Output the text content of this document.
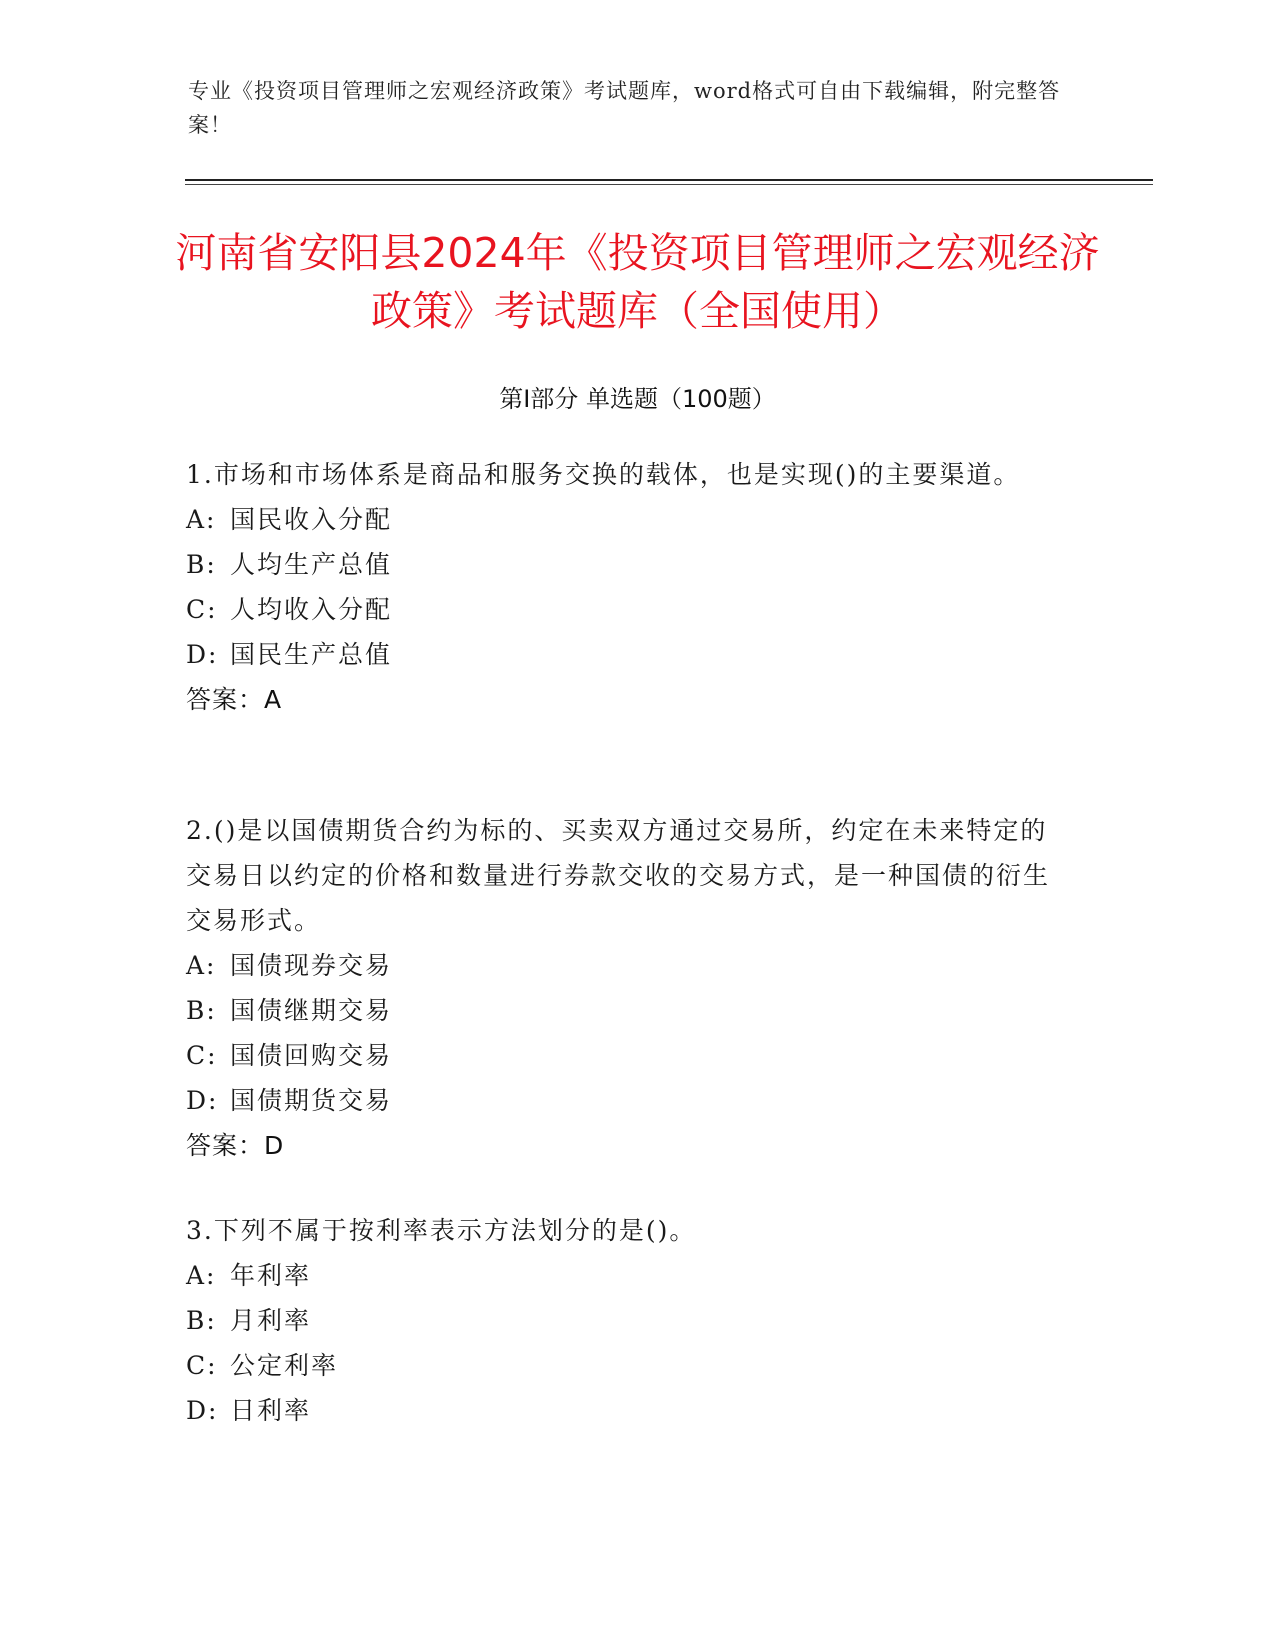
专业《投资项目管理师之宏观经济政策》考试题库，word格式可自由下载编辑，附完整答案！
河南省安阳县2024年《投资项目管理师之宏观经济政策》考试题库（全国使用）
第I部分 单选题（100题）
1.市场和市场体系是商品和服务交换的载体，也是实现()的主要渠道。
A: 国民收入分配
B: 人均生产总值
C: 人均收入分配
D: 国民生产总值
答案：A
2.()是以国债期货合约为标的、买卖双方通过交易所，约定在未来特定的交易日以约定的价格和数量进行券款交收的交易方式，是一种国债的衍生交易形式。
A: 国债现券交易
B: 国债继期交易
C: 国债回购交易
D: 国债期货交易
答案：D
3.下列不属于按利率表示方法划分的是()。
A: 年利率
B: 月利率
C: 公定利率
D: 日利率
